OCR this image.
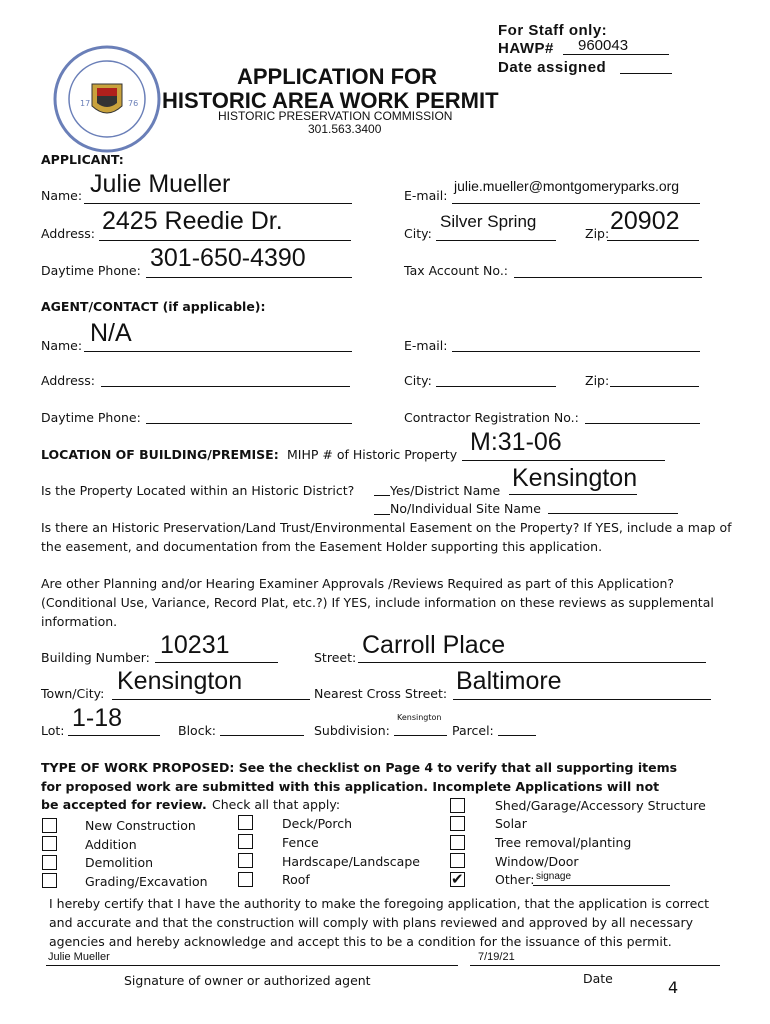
For Staff only:
HAWP# 960043
Date assigned
17	76
APPLICATION FOR
HISTORIC AREA WORK PERMIT
HISTORIC PRESERVATION COMMISSION
301.563.3400
APPLICANT:
Name: Julie Mueller	E-mail:
julie.mueller@montgomeryparks.org
Address: 2425 Reedie Dr.	City:
Silver Spring
Zip: 20902
Daytime Phone: 301-650-4390	Tax Account No.:
AGENT/CONTACT (if applicable):
Name: N/A	E-mail:
Address:	City:	Zip:
Daytime Phone:	Contractor Registration No.:
LOCATION OF BUILDING/PREMISE: MIHP # of Historic Property M:31-06
Is the Property Located within an Historic District?	Yes/District Name Kensington
No/Individual Site Name
Is there an Historic Preservation/Land Trust/Environmental Easement on the Property? If YES, include a map of the easement, and documentation from the Easement Holder supporting this application.
Are other Planning and/or Hearing Examiner Approvals /Reviews Required as part of this Application? (Conditional Use, Variance, Record Plat, etc.?) If YES, include information on these reviews as supplemental information.
Building Number: 10231	Street: Carroll Place
Town/City: Kensington	Nearest Cross Street: Baltimore
Lot: 1-18	Block:	Subdivision:
Kensington
Parcel:
TYPE OF WORK PROPOSED: See the checklist on Page 4 to verify that all supporting items
for proposed work are submitted with this application. Incomplete Applications will not
be accepted for review. Check all that apply:
New Construction
Addition
Demolition
Grading/Excavation
Deck/Porch
Fence
Hardscape/Landscape
Roof
Shed/Garage/Accessory Structure
Solar
Tree removal/planting
Window/Door
✔	Other: signage
I hereby certify that I have the authority to make the foregoing application, that the application is correct and accurate and that the construction will comply with plans reviewed and approved by all necessary agencies and hereby acknowledge and accept this to be a condition for the issuance of this permit.
Julie Mueller	7/19/21
Signature of owner or authorized agent	Date	4
